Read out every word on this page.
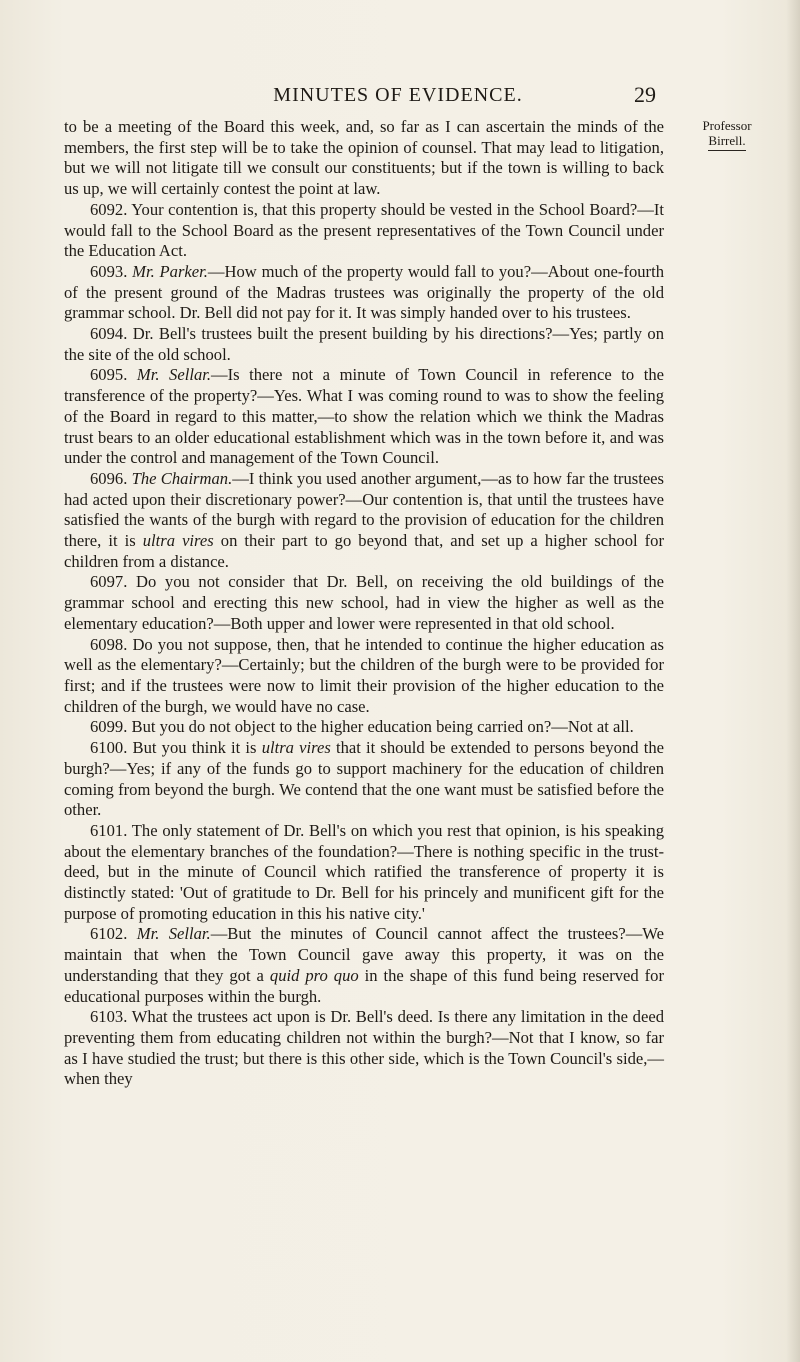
MINUTES OF EVIDENCE.	29
Professor
Birrell.

to be a meeting of the Board this week, and, so far as I can ascertain the minds of the members, the first step will be to take the opinion of counsel. That may lead to litigation, but we will not litigate till we consult our constituents; but if the town is willing to back us up, we will certainly contest the point at law.

6092. Your contention is, that this property should be vested in the School Board?—It would fall to the School Board as the present representatives of the Town Council under the Education Act.

6093. Mr. Parker.—How much of the property would fall to you?—About one-fourth of the present ground of the Madras trustees was originally the property of the old grammar school. Dr. Bell did not pay for it. It was simply handed over to his trustees.

6094. Dr. Bell's trustees built the present building by his directions?—Yes; partly on the site of the old school.

6095. Mr. Sellar.—Is there not a minute of Town Council in reference to the transference of the property?—Yes. What I was coming round to was to show the feeling of the Board in regard to this matter,—to show the relation which we think the Madras trust bears to an older educational establishment which was in the town before it, and was under the control and management of the Town Council.

6096. The Chairman.—I think you used another argument,—as to how far the trustees had acted upon their discretionary power?—Our contention is, that until the trustees have satisfied the wants of the burgh with regard to the provision of education for the children there, it is ultra vires on their part to go beyond that, and set up a higher school for children from a distance.

6097. Do you not consider that Dr. Bell, on receiving the old buildings of the grammar school and erecting this new school, had in view the higher as well as the elementary education?—Both upper and lower were represented in that old school.

6098. Do you not suppose, then, that he intended to continue the higher education as well as the elementary?—Certainly; but the children of the burgh were to be provided for first; and if the trustees were now to limit their provision of the higher education to the children of the burgh, we would have no case.

6099. But you do not object to the higher education being carried on?—Not at all.

6100. But you think it is ultra vires that it should be extended to persons beyond the burgh?—Yes; if any of the funds go to support machinery for the education of children coming from beyond the burgh. We contend that the one want must be satisfied before the other.

6101. The only statement of Dr. Bell's on which you rest that opinion, is his speaking about the elementary branches of the foundation?—There is nothing specific in the trust-deed, but in the minute of Council which ratified the transference of property it is distinctly stated: 'Out of gratitude to Dr. Bell for his princely and munificent gift for the purpose of promoting education in this his native city.'

6102. Mr. Sellar.—But the minutes of Council cannot affect the trustees?—We maintain that when the Town Council gave away this property, it was on the understanding that they got a quid pro quo in the shape of this fund being reserved for educational purposes within the burgh.

6103. What the trustees act upon is Dr. Bell's deed. Is there any limitation in the deed preventing them from educating children not within the burgh?—Not that I know, so far as I have studied the trust; but there is this other side, which is the Town Council's side,—when they
